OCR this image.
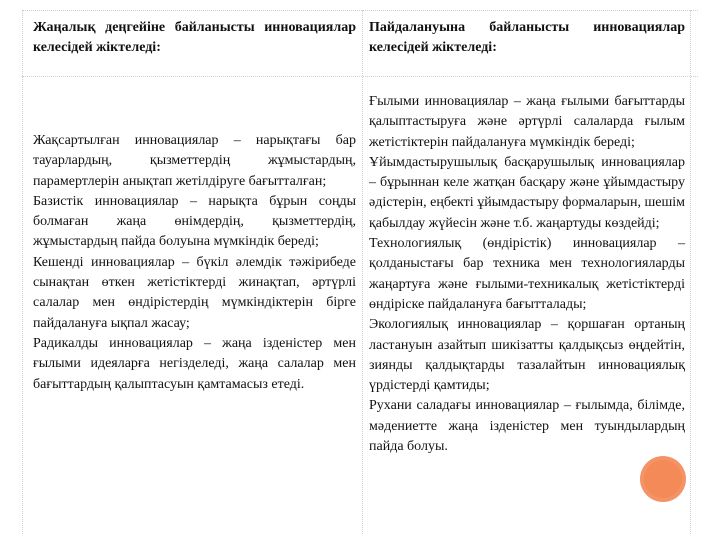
Жаңалық деңгейіне байланысты инновациялар келесідей жіктеледі:
Пайдалануына байланысты инновациялар келесідей жіктеледі:

Жақсартылған инновациялар – нарықтағы бар тауарлардың, қызметтердің жұмыстардың, парамертлерін анықтап жетілдіруге бағытталған;

Базистік инновациялар – нарықта бұрын соңды болмаған жаңа өнімдердің, қызметтердің, жұмыстардың пайда болуына мүмкіндік береді;

Кешенді инновациялар – бүкіл әлемдік тәжірибеде сынақтан өткен жетістіктерді жинақтап, әртүрлі салалар мен өндірістердің мүмкіндіктерін бірге пайдалануға ықпал жасау;

Радикалды инновациялар – жаңа ізденістер мен ғылыми идеяларға негізделеді, жаңа салалар мен бағыттардың қалыптасуын қамтамасыз етеді.

Ғылыми инновациялар – жаңа ғылыми бағыттарды қалыптастыруға және әртүрлі салаларда ғылым жетістіктерін пайдалануға мүмкіндік береді;

Ұйымдастырушылық басқарушылық инновациялар – бұрыннан келе жатқан басқару және ұйымдастыру әдістерін, еңбекті ұйымдастыру формаларын, шешім қабылдау жүйесін және т.б. жаңартуды көздейді;

Технологиялық (өндірістік) инновациялар – қолданыстағы бар техника мен технологияларды жаңартуға және ғылыми-техникалық жетістіктерді өндіріске пайдалануға бағытталады;

Экологиялық инновациялар – қоршаған ортаның ластануын азайтып шикізатты қалдықсыз өңдейтін, зиянды қалдықтарды тазалайтын инновациялық үрдістерді қамтиды;

Рухани саладағы инновациялар – ғылымда, білімде, мәдениетте жаңа ізденістер мен туындылардың пайда болуы.
